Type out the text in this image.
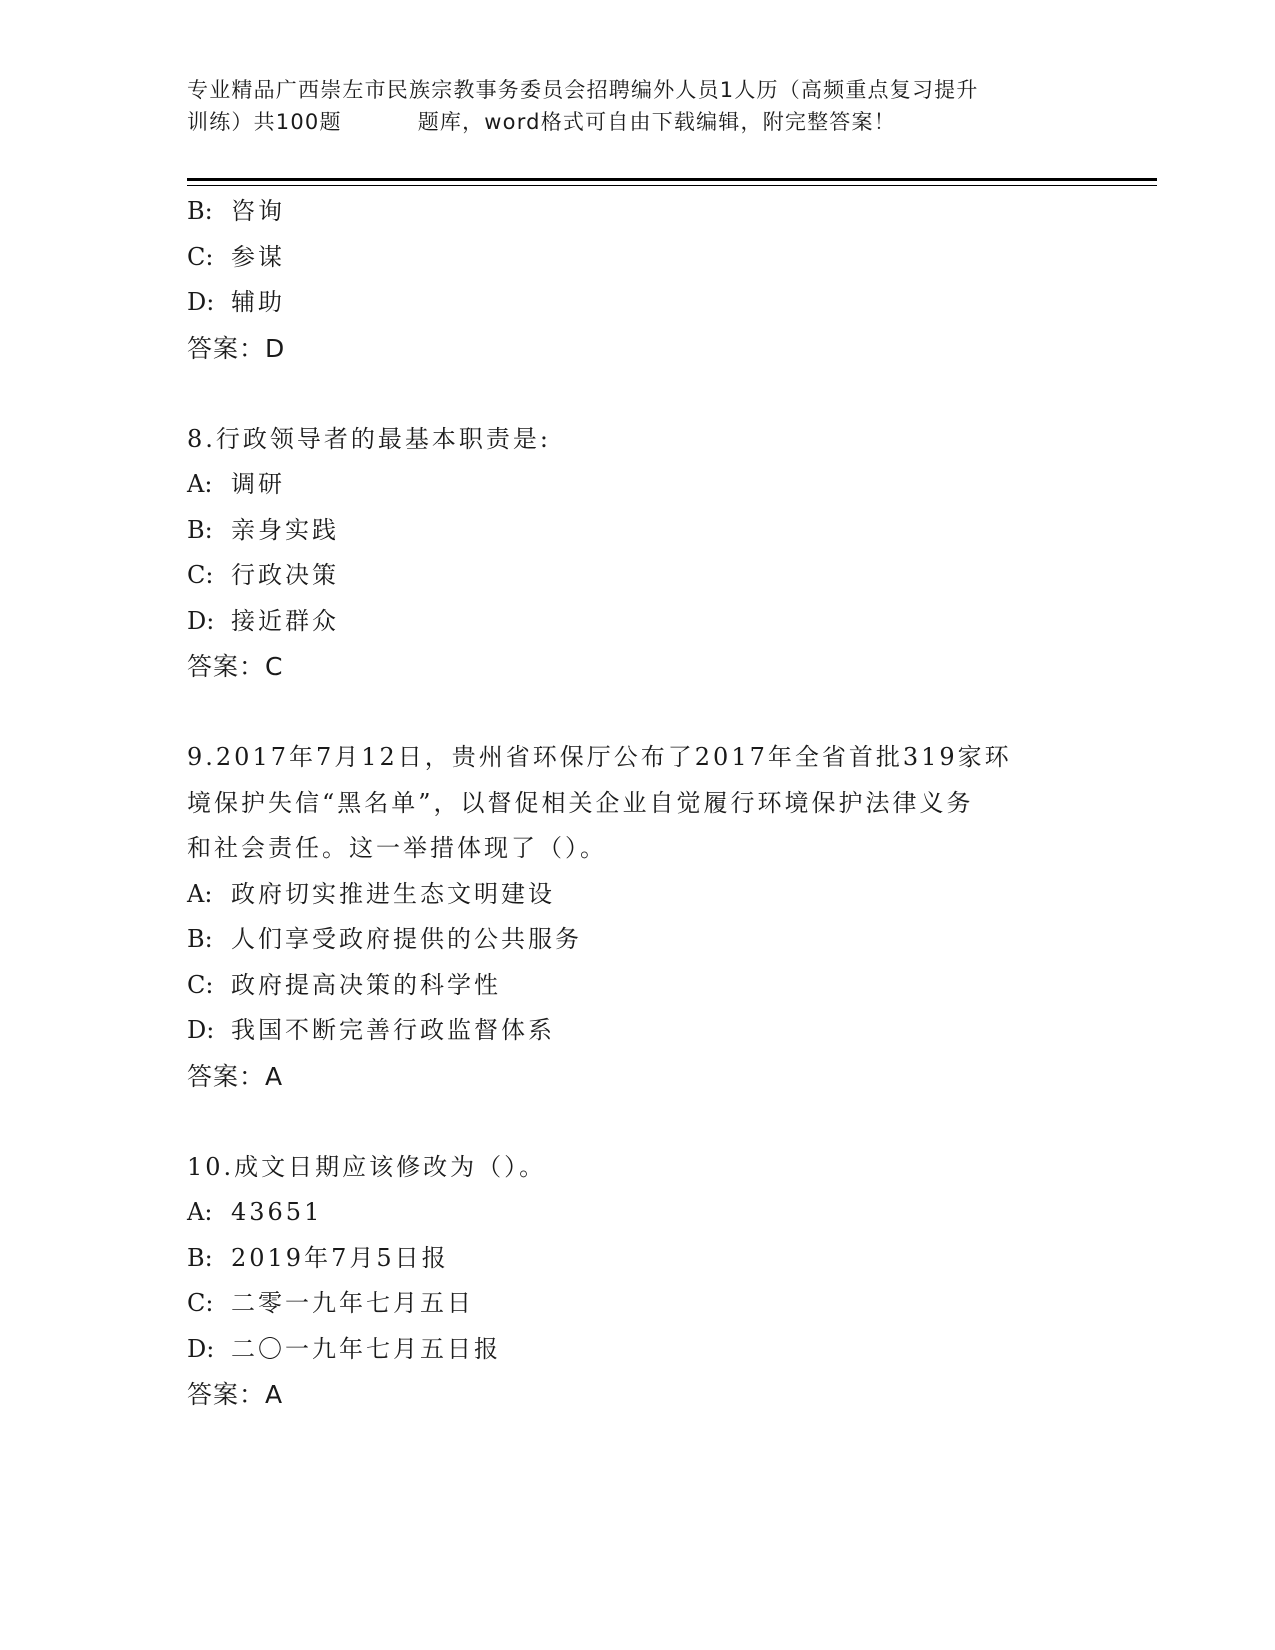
专业精品广西崇左市民族宗教事务委员会招聘编外人员1人历（高频重点复习提升
训练）共100题	题库，word格式可自由下载编辑，附完整答案！
B: 咨询
C: 参谋
D: 辅助
答案：D
8.行政领导者的最基本职责是:
A: 调研
B: 亲身实践
C: 行政决策
D: 接近群众
答案：C
9.2017年7月12日，贵州省环保厅公布了2017年全省首批319家环
境保护失信“黑名单”，以督促相关企业自觉履行环境保护法律义务
和社会责任。这一举措体现了（）。
A: 政府切实推进生态文明建设
B: 人们享受政府提供的公共服务
C: 政府提高决策的科学性
D: 我国不断完善行政监督体系
答案：A
10.成文日期应该修改为（）。
A: 43651
B: 2019年7月5日报
C: 二零一九年七月五日
D: 二〇一九年七月五日报
答案：A
